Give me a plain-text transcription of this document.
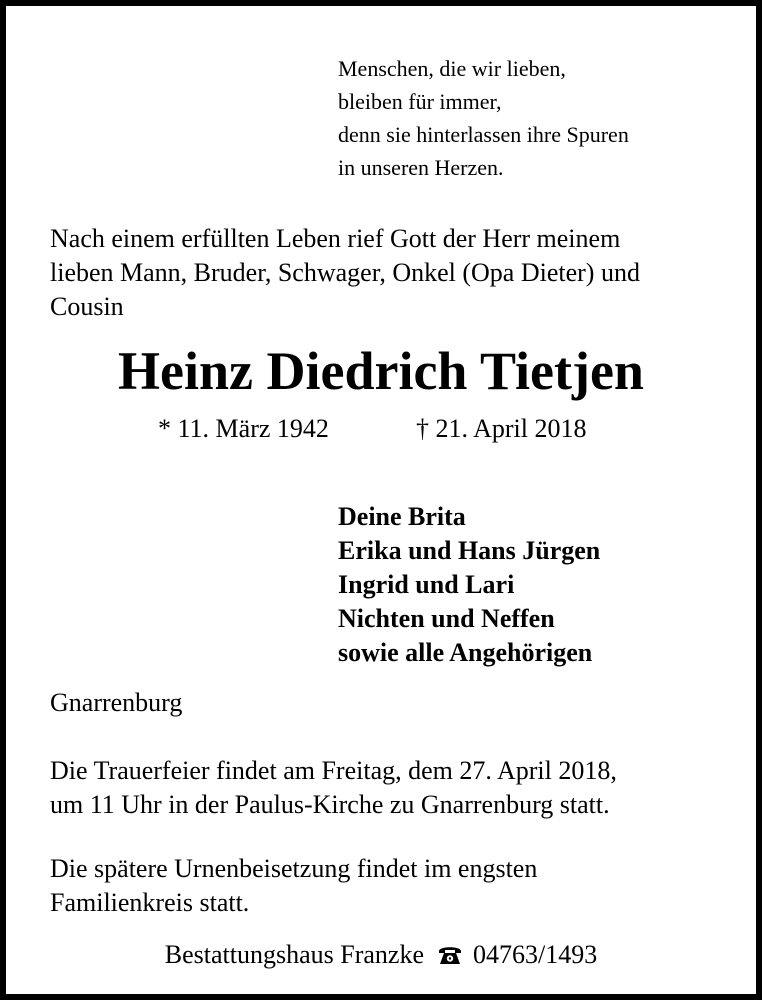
Menschen, die wir lieben,
bleiben für immer,
denn sie hinterlassen ihre Spuren
in unseren Herzen.
Nach einem erfüllten Leben rief Gott der Herr meinem
lieben Mann, Bruder, Schwager, Onkel (Opa Dieter) und
Cousin
Heinz Diedrich Tietjen
* 11. März 1942	† 21. April 2018
Deine Brita
Erika und Hans Jürgen
Ingrid und Lari
Nichten und Neffen
sowie alle Angehörigen
Gnarrenburg
Die Trauerfeier findet am Freitag, dem 27. April 2018,
um 11 Uhr in der Paulus-Kirche zu Gnarrenburg statt.
Die spätere Urnenbeisetzung findet im engsten
Familienkreis statt.
Bestattungshaus Franzke 04763/1493
